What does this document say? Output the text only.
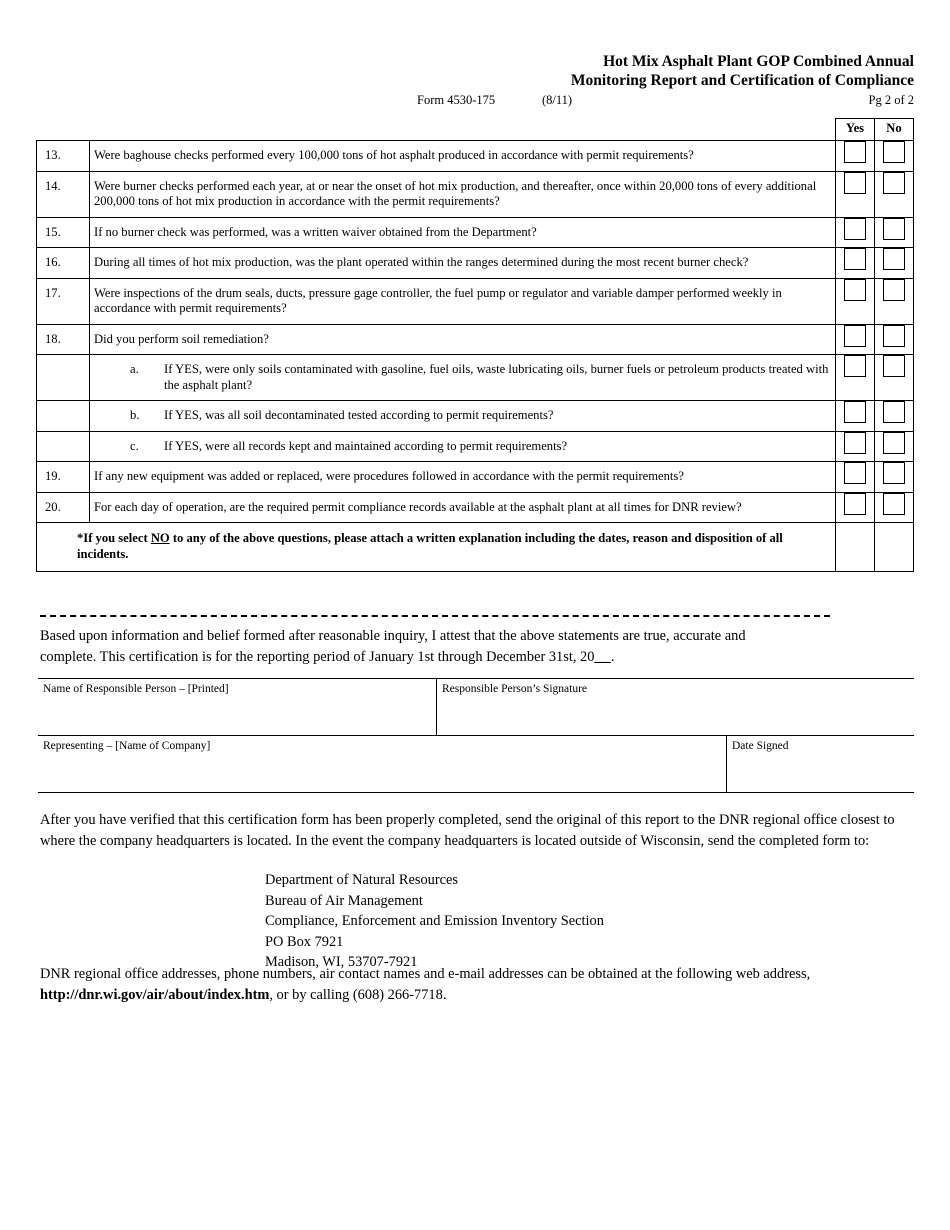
Hot Mix Asphalt Plant GOP Combined Annual
Monitoring Report and Certification of Compliance
Form 4530-175	(8/11)	Pg 2 of 2
		Yes	No
13.	Were baghouse checks performed every 100,000 tons of hot asphalt produced in accordance with permit requirements?		
14.	Were burner checks performed each year, at or near the onset of hot mix production, and thereafter, once within 20,000 tons of every additional 200,000 tons of hot mix production in accordance with the permit requirements?		
15.	If no burner check was performed, was a written waiver obtained from the Department?		
16.	During all times of hot mix production, was the plant operated within the ranges determined during the most recent burner check?		
17.	Were inspections of the drum seals, ducts, pressure gage controller, the fuel pump or regulator and variable damper performed weekly in accordance with permit requirements?		
18.	Did you perform soil remediation?		

	a. If YES, were only soils contaminated with gasoline, fuel oils, waste lubricating oils, burner fuels or petroleum products treated with the asphalt plant?		

	b. If YES, was all soil decontaminated tested according to permit requirements?		

	c. If YES, were all records kept and maintained according to permit requirements?		

19.	If any new equipment was added or replaced, were procedures followed in accordance with the permit requirements?		
20.	For each day of operation, are the required permit compliance records available at the asphalt plant at all times for DNR review?		
*If you select NO to any of the above questions, please attach a written explanation including the dates, reason and disposition of all incidents.			
Based upon information and belief formed after reasonable inquiry, I attest that the above statements are true, accurate and
complete. This certification is for the reporting period of January 1st through December 31st, 20__.
Name of Responsible Person – [Printed]	Responsible Person’s Signature
Representing – [Name of Company]	Date Signed
After you have verified that this certification form has been properly completed, send the original of this report to the DNR regional office closest to where the company headquarters is located. In the event the company headquarters is located outside of Wisconsin, send the completed form to:
Department of Natural Resources
Bureau of Air Management
Compliance, Enforcement and Emission Inventory Section
PO Box 7921
Madison, WI, 53707-7921
DNR regional office addresses, phone numbers, air contact names and e-mail addresses can be obtained at the following web address, http://dnr.wi.gov/air/about/index.htm, or by calling (608) 266-7718.
